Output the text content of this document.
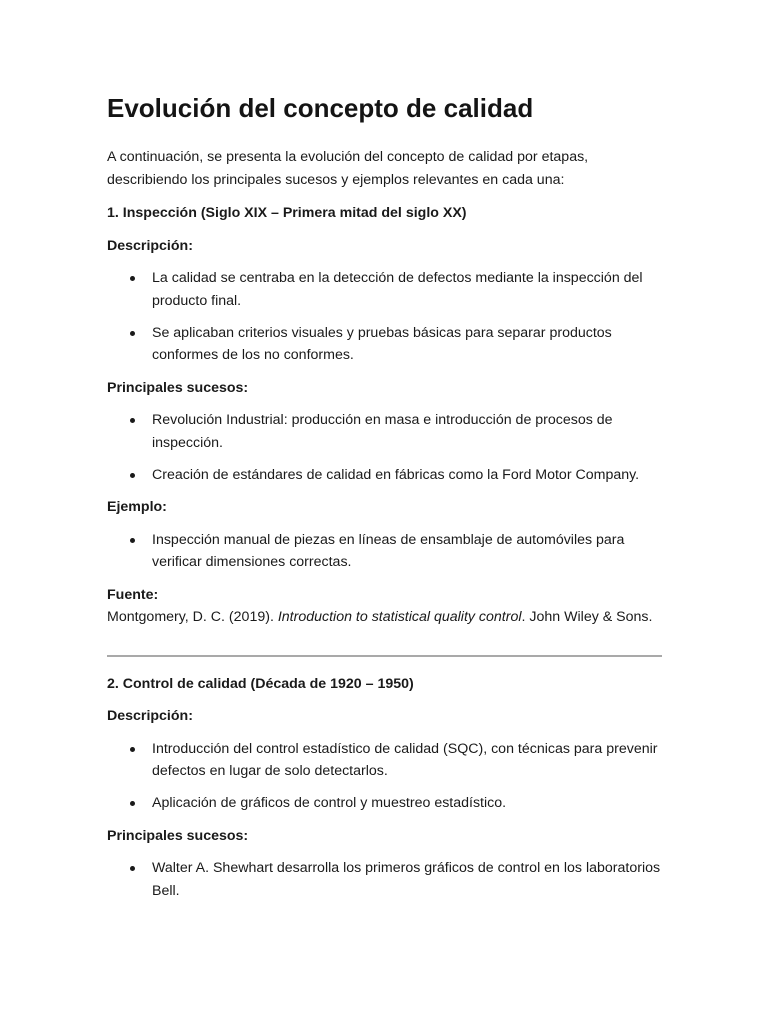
Evolución del concepto de calidad

A continuación, se presenta la evolución del concepto de calidad por etapas, describiendo los principales sucesos y ejemplos relevantes en cada una:

1. Inspección (Siglo XIX – Primera mitad del siglo XX)

Descripción:

La calidad se centraba en la detección de defectos mediante la inspección del producto final.
Se aplicaban criterios visuales y pruebas básicas para separar productos conformes de los no conformes.

Principales sucesos:

Revolución Industrial: producción en masa e introducción de procesos de inspección.
Creación de estándares de calidad en fábricas como la Ford Motor Company.

Ejemplo:

Inspección manual de piezas en líneas de ensamblaje de automóviles para verificar dimensiones correctas.

Fuente:

Montgomery, D. C. (2019). Introduction to statistical quality control. John Wiley & Sons.

2. Control de calidad (Década de 1920 – 1950)

Descripción:

Introducción del control estadístico de calidad (SQC), con técnicas para prevenir defectos en lugar de solo detectarlos.
Aplicación de gráficos de control y muestreo estadístico.

Principales sucesos:

Walter A. Shewhart desarrolla los primeros gráficos de control en los laboratorios Bell.
